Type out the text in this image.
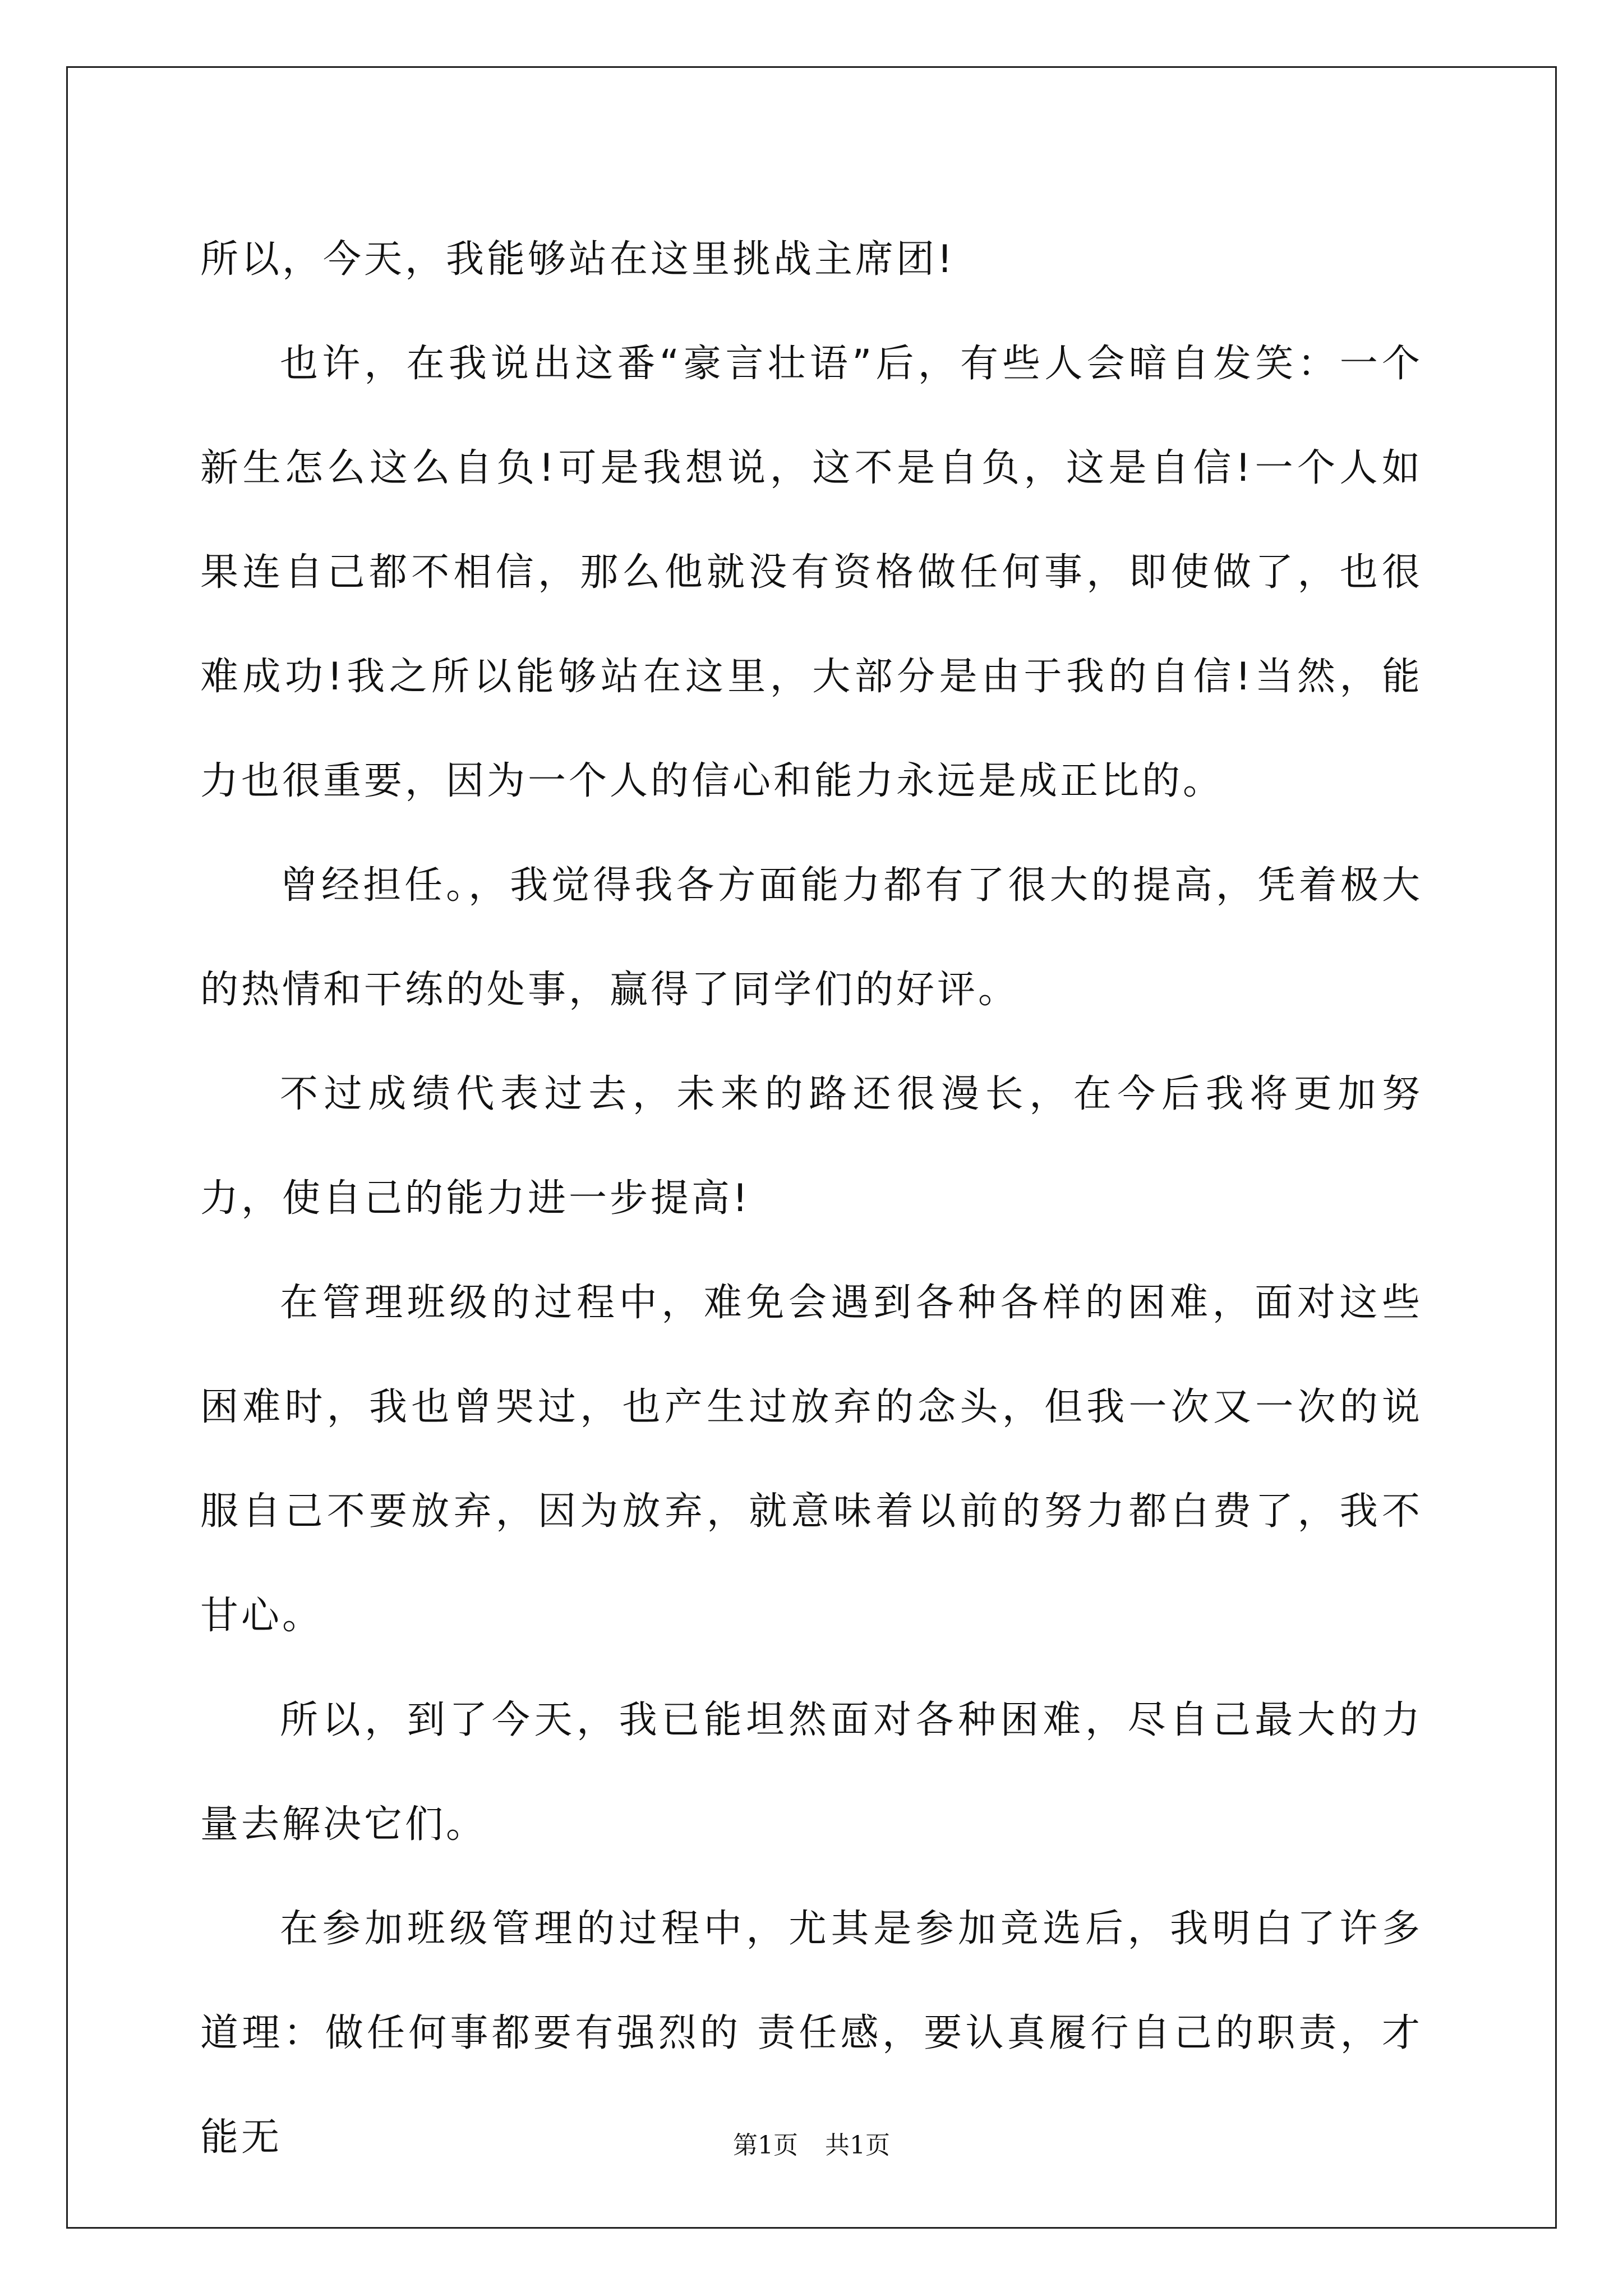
所以，今天，我能够站在这里挑战主席团!

也许，在我说出这番“豪言壮语”后，有些人会暗自发笑：一个新生怎么这么自负!可是我想说，这不是自负，这是自信!一个人如果连自己都不相信，那么他就没有资格做任何事，即使做了，也很难成功!我之所以能够站在这里，大部分是由于我的自信!当然，能力也很重要，因为一个人的信心和能力永远是成正比的。

曾经担任。，我觉得我各方面能力都有了很大的提高，凭着极大的热情和干练的处事，赢得了同学们的好评。

不过成绩代表过去，未来的路还很漫长，在今后我将更加努力，使自己的能力进一步提高!

在管理班级的过程中，难免会遇到各种各样的困难，面对这些困难时，我也曾哭过，也产生过放弃的念头，但我一次又一次的说服自己不要放弃，因为放弃，就意味着以前的努力都白费了，我不甘心。

所以，到了今天，我已能坦然面对各种困难，尽自己最大的力量去解决它们。

在参加班级管理的过程中，尤其是参加竞选后，我明白了许多道理：做任何事都要有强烈的 责任感，要认真履行自己的职责，才能无	第1页 共1页
